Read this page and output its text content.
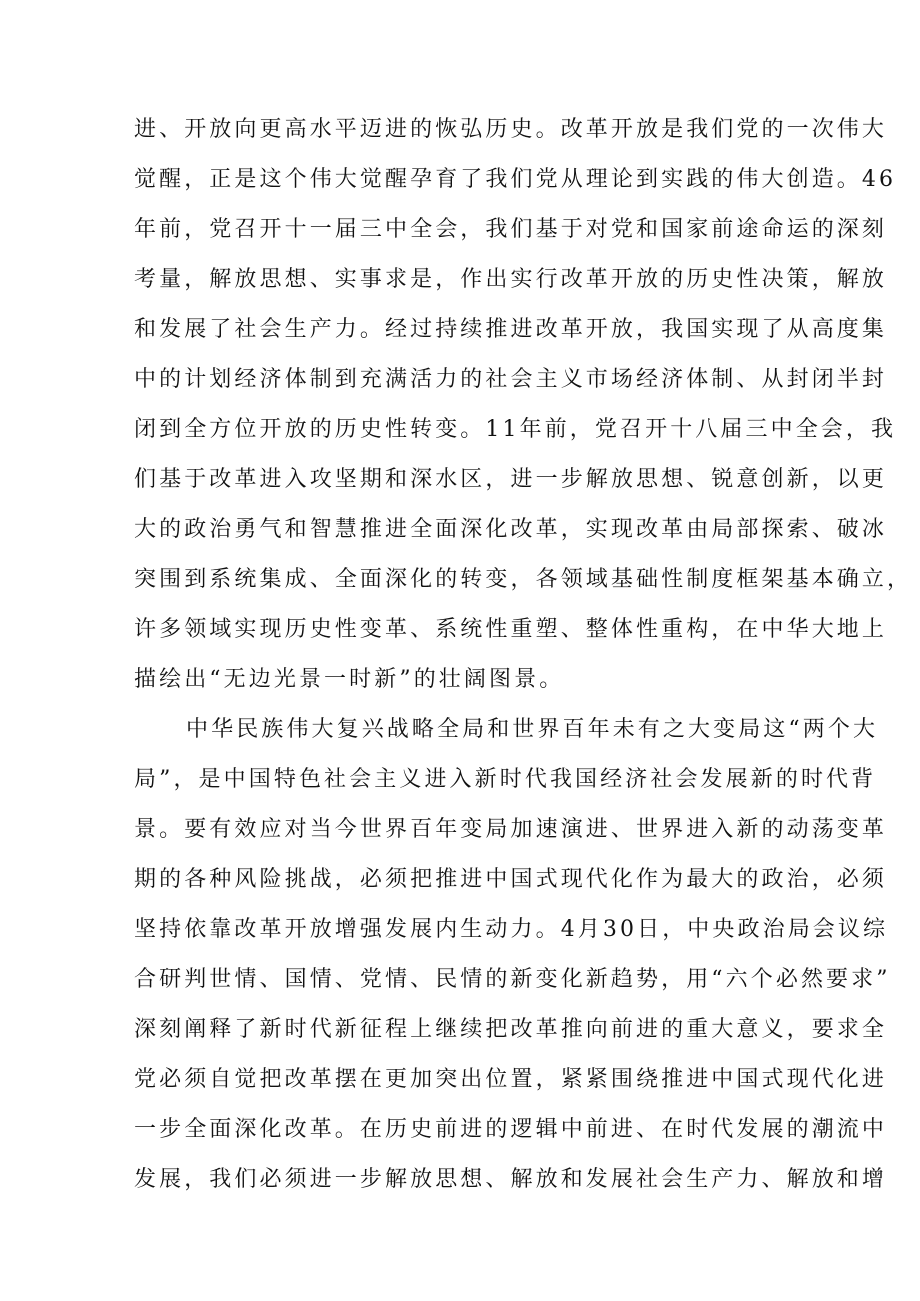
进、开放向更高水平迈进的恢弘历史。改革开放是我们党的一次伟大
觉醒，正是这个伟大觉醒孕育了我们党从理论到实践的伟大创造。46
年前，党召开十一届三中全会，我们基于对党和国家前途命运的深刻
考量，解放思想、实事求是，作出实行改革开放的历史性决策，解放
和发展了社会生产力。经过持续推进改革开放，我国实现了从高度集
中的计划经济体制到充满活力的社会主义市场经济体制、从封闭半封
闭到全方位开放的历史性转变。11年前，党召开十八届三中全会，我
们基于改革进入攻坚期和深水区，进一步解放思想、锐意创新，以更
大的政治勇气和智慧推进全面深化改革，实现改革由局部探索、破冰
突围到系统集成、全面深化的转变，各领域基础性制度框架基本确立，
许多领域实现历史性变革、系统性重塑、整体性重构，在中华大地上
描绘出“无边光景一时新”的壮阔图景。
中华民族伟大复兴战略全局和世界百年未有之大变局这“两个大
局”，是中国特色社会主义进入新时代我国经济社会发展新的时代背
景。要有效应对当今世界百年变局加速演进、世界进入新的动荡变革
期的各种风险挑战，必须把推进中国式现代化作为最大的政治，必须
坚持依靠改革开放增强发展内生动力。4月30日，中央政治局会议综
合研判世情、国情、党情、民情的新变化新趋势，用“六个必然要求”
深刻阐释了新时代新征程上继续把改革推向前进的重大意义，要求全
党必须自觉把改革摆在更加突出位置，紧紧围绕推进中国式现代化进
一步全面深化改革。在历史前进的逻辑中前进、在时代发展的潮流中
发展，我们必须进一步解放思想、解放和发展社会生产力、解放和增
